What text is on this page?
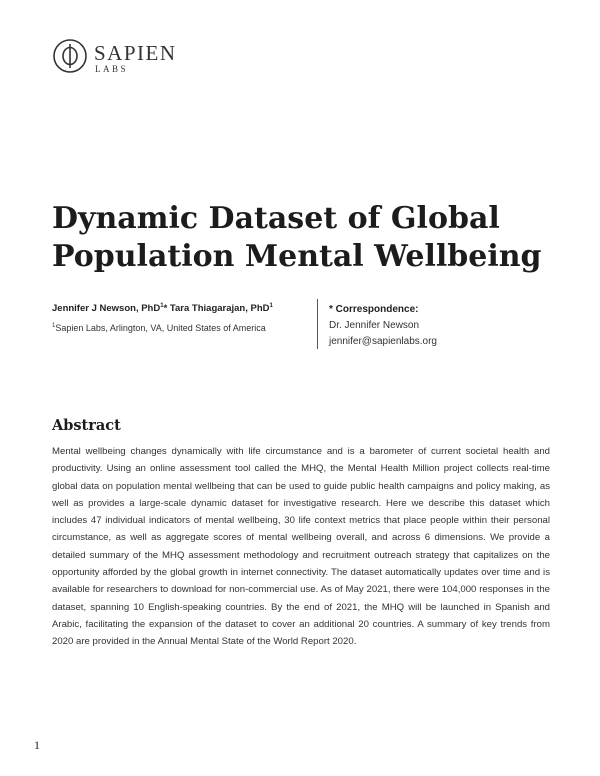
SAPIEN
LABS
Dynamic Dataset of Global Population Mental Wellbeing
Jennifer J Newson, PhD$^1$* Tara Thiagarajan, PhD$^1$
$^1$Sapien Labs, Arlington, VA, United States of America
* Correspondence:
Dr. Jennifer Newson
jennifer@sapienlabs.org
Abstract

Mental wellbeing changes dynamically with life circumstance and is a barometer of current societal health and productivity. Using an online assessment tool called the MHQ, the Mental Health Million project collects real-time global data on population mental wellbeing that can be used to guide public health campaigns and policy making, as well as provides a large-scale dynamic dataset for investigative research. Here we describe this dataset which includes 47 individual indicators of mental wellbeing, 30 life context metrics that place people within their personal circumstance, as well as aggregate scores of mental wellbeing overall, and across 6 dimensions. We provide a detailed summary of the MHQ assessment methodology and recruitment outreach strategy that capitalizes on the opportunity afforded by the global growth in internet connectivity. The dataset automatically updates over time and is available for researchers to download for non-commercial use. As of May 2021, there were 104,000 responses in the dataset, spanning 10 English-speaking countries. By the end of 2021, the MHQ will be launched in Spanish and Arabic, facilitating the expansion of the dataset to cover an additional 20 countries. A summary of key trends from 2020 are provided in the Annual Mental State of the World Report 2020.

1
